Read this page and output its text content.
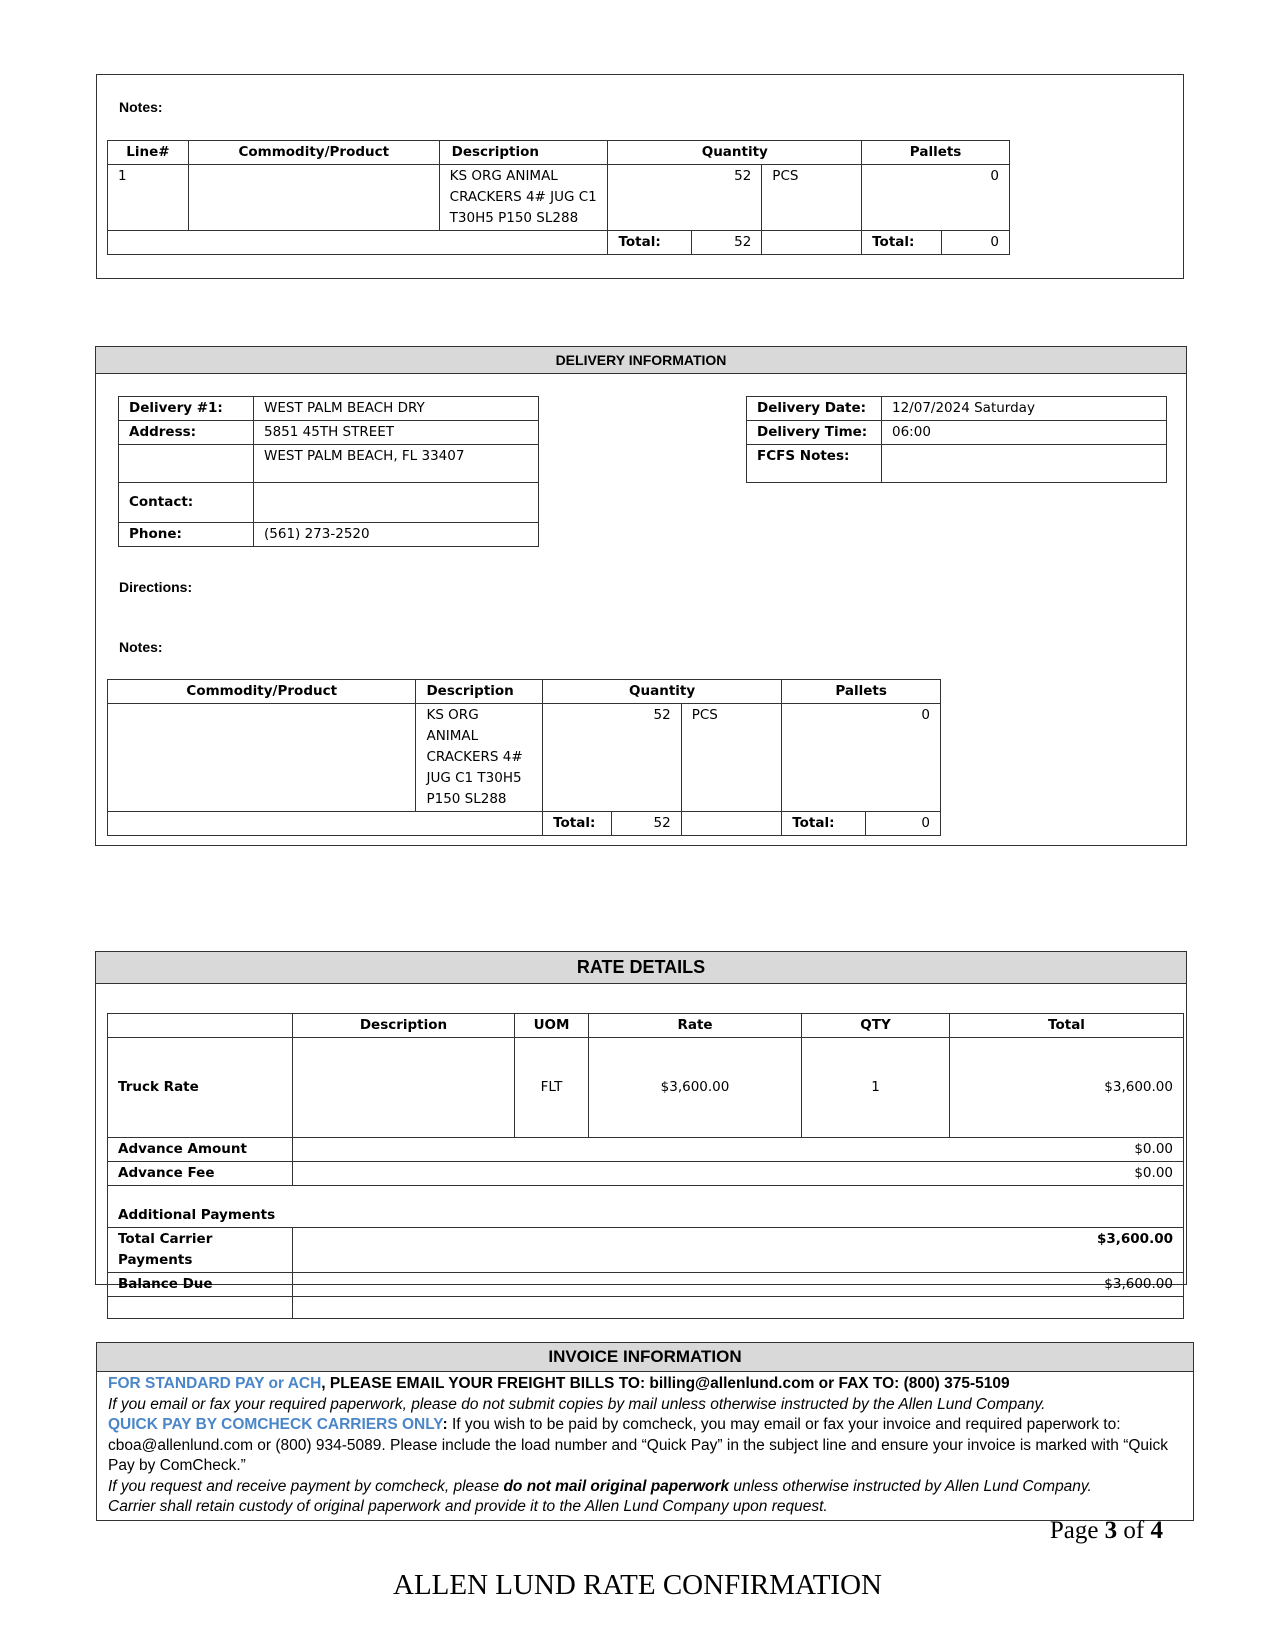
Notes:
Line#	Commodity/Product	Description	Quantity			Pallets	
1		KS ORG ANIMAL
CRACKERS 4# JUG C1
T30H5 P150 SL288	52		PCS	0	
			Total:	52		Total:	0
DELIVERY INFORMATION
Delivery #1:	WEST PALM BEACH DRY
Address:	5851 45TH STREET
	WEST PALM BEACH, FL 33407
Contact:	
Phone:	(561) 273-2520
Delivery Date:	12/07/2024 Saturday
Delivery Time:	06:00
FCFS Notes:	
Directions:
Notes:
Commodity/Product	Description	Quantity			Pallets	

	KS ORG
ANIMAL
CRACKERS 4#
JUG C1 T30H5
P150 SL288	52		PCS	0	
		Total:	52		Total:	0
RATE DETAILS
	Description	UOM	Rate	QTY	Total
Truck Rate		FLT	$3,600.00	1	$3,600.00
Advance Amount	$0.00				
Advance Fee	$0.00				
Additional Payments					
Total Carrier Payments	$3,600.00				
Balance Due	$3,600.00				

INVOICE INFORMATION

FOR STANDARD PAY or ACH, PLEASE EMAIL YOUR FREIGHT BILLS TO: billing@allenlund.com or FAX TO: (800) 375-5109

If you email or fax your required paperwork, please do not submit copies by mail unless otherwise instructed by the Allen Lund Company.

QUICK PAY BY COMCHECK CARRIERS ONLY: If you wish to be paid by comcheck, you may email or fax your invoice and required paperwork to: cboa@allenlund.com or (800) 934-5089. Please include the load number and “Quick Pay” in the subject line and ensure your invoice is marked with “Quick Pay by ComCheck.”

If you request and receive payment by comcheck, please do not mail original paperwork unless otherwise instructed by Allen Lund Company.

Carrier shall retain custody of original paperwork and provide it to the Allen Lund Company upon request.

Page 3 of 4
ALLEN LUND RATE CONFIRMATION
